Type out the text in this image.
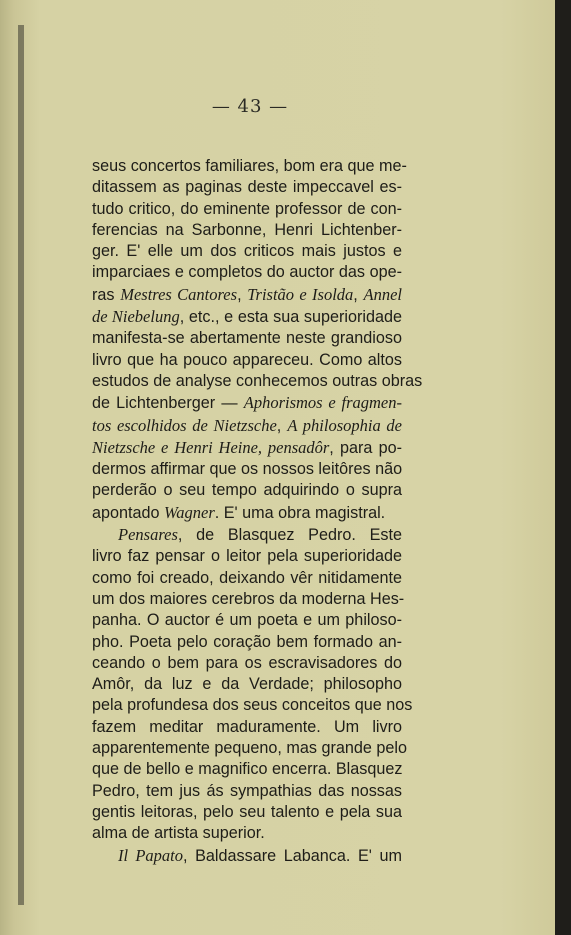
— 43 —
seus concertos familiares, bom era que me-
ditassem as paginas deste impeccavel es-
tudo critico, do eminente professor de con-
ferencias na Sarbonne, Henri Lichtenber-
ger. E' elle um dos criticos mais justos e
imparciaes e completos do auctor das ope-
ras Mestres Cantores, Tristão e Isolda, Annel
de Niebelung, etc., e esta sua superioridade
manifesta-se abertamente neste grandioso
livro que ha pouco appareceu. Como altos
estudos de analyse conhecemos outras obras
de Lichtenberger — Aphorismos e fragmen-
tos escolhidos de Nietzsche, A philosophia de
Nietzsche e Henri Heine, pensadôr, para po-
dermos affirmar que os nossos leitôres não
perderão o seu tempo adquirindo o supra
apontado Wagner. E' uma obra magistral.
Pensares, de Blasquez Pedro. Este
livro faz pensar o leitor pela superioridade
como foi creado, deixando vêr nitidamente
um dos maiores cerebros da moderna Hes-
panha. O auctor é um poeta e um philoso-
pho. Poeta pelo coração bem formado an-
ceando o bem para os escravisadores do
Amôr, da luz e da Verdade; philosopho
pela profundesa dos seus conceitos que nos
fazem meditar maduramente. Um livro
apparentemente pequeno, mas grande pelo
que de bello e magnifico encerra. Blasquez
Pedro, tem jus ás sympathias das nossas
gentis leitoras, pelo seu talento e pela sua
alma de artista superior.
Il Papato, Baldassare Labanca. E' um
